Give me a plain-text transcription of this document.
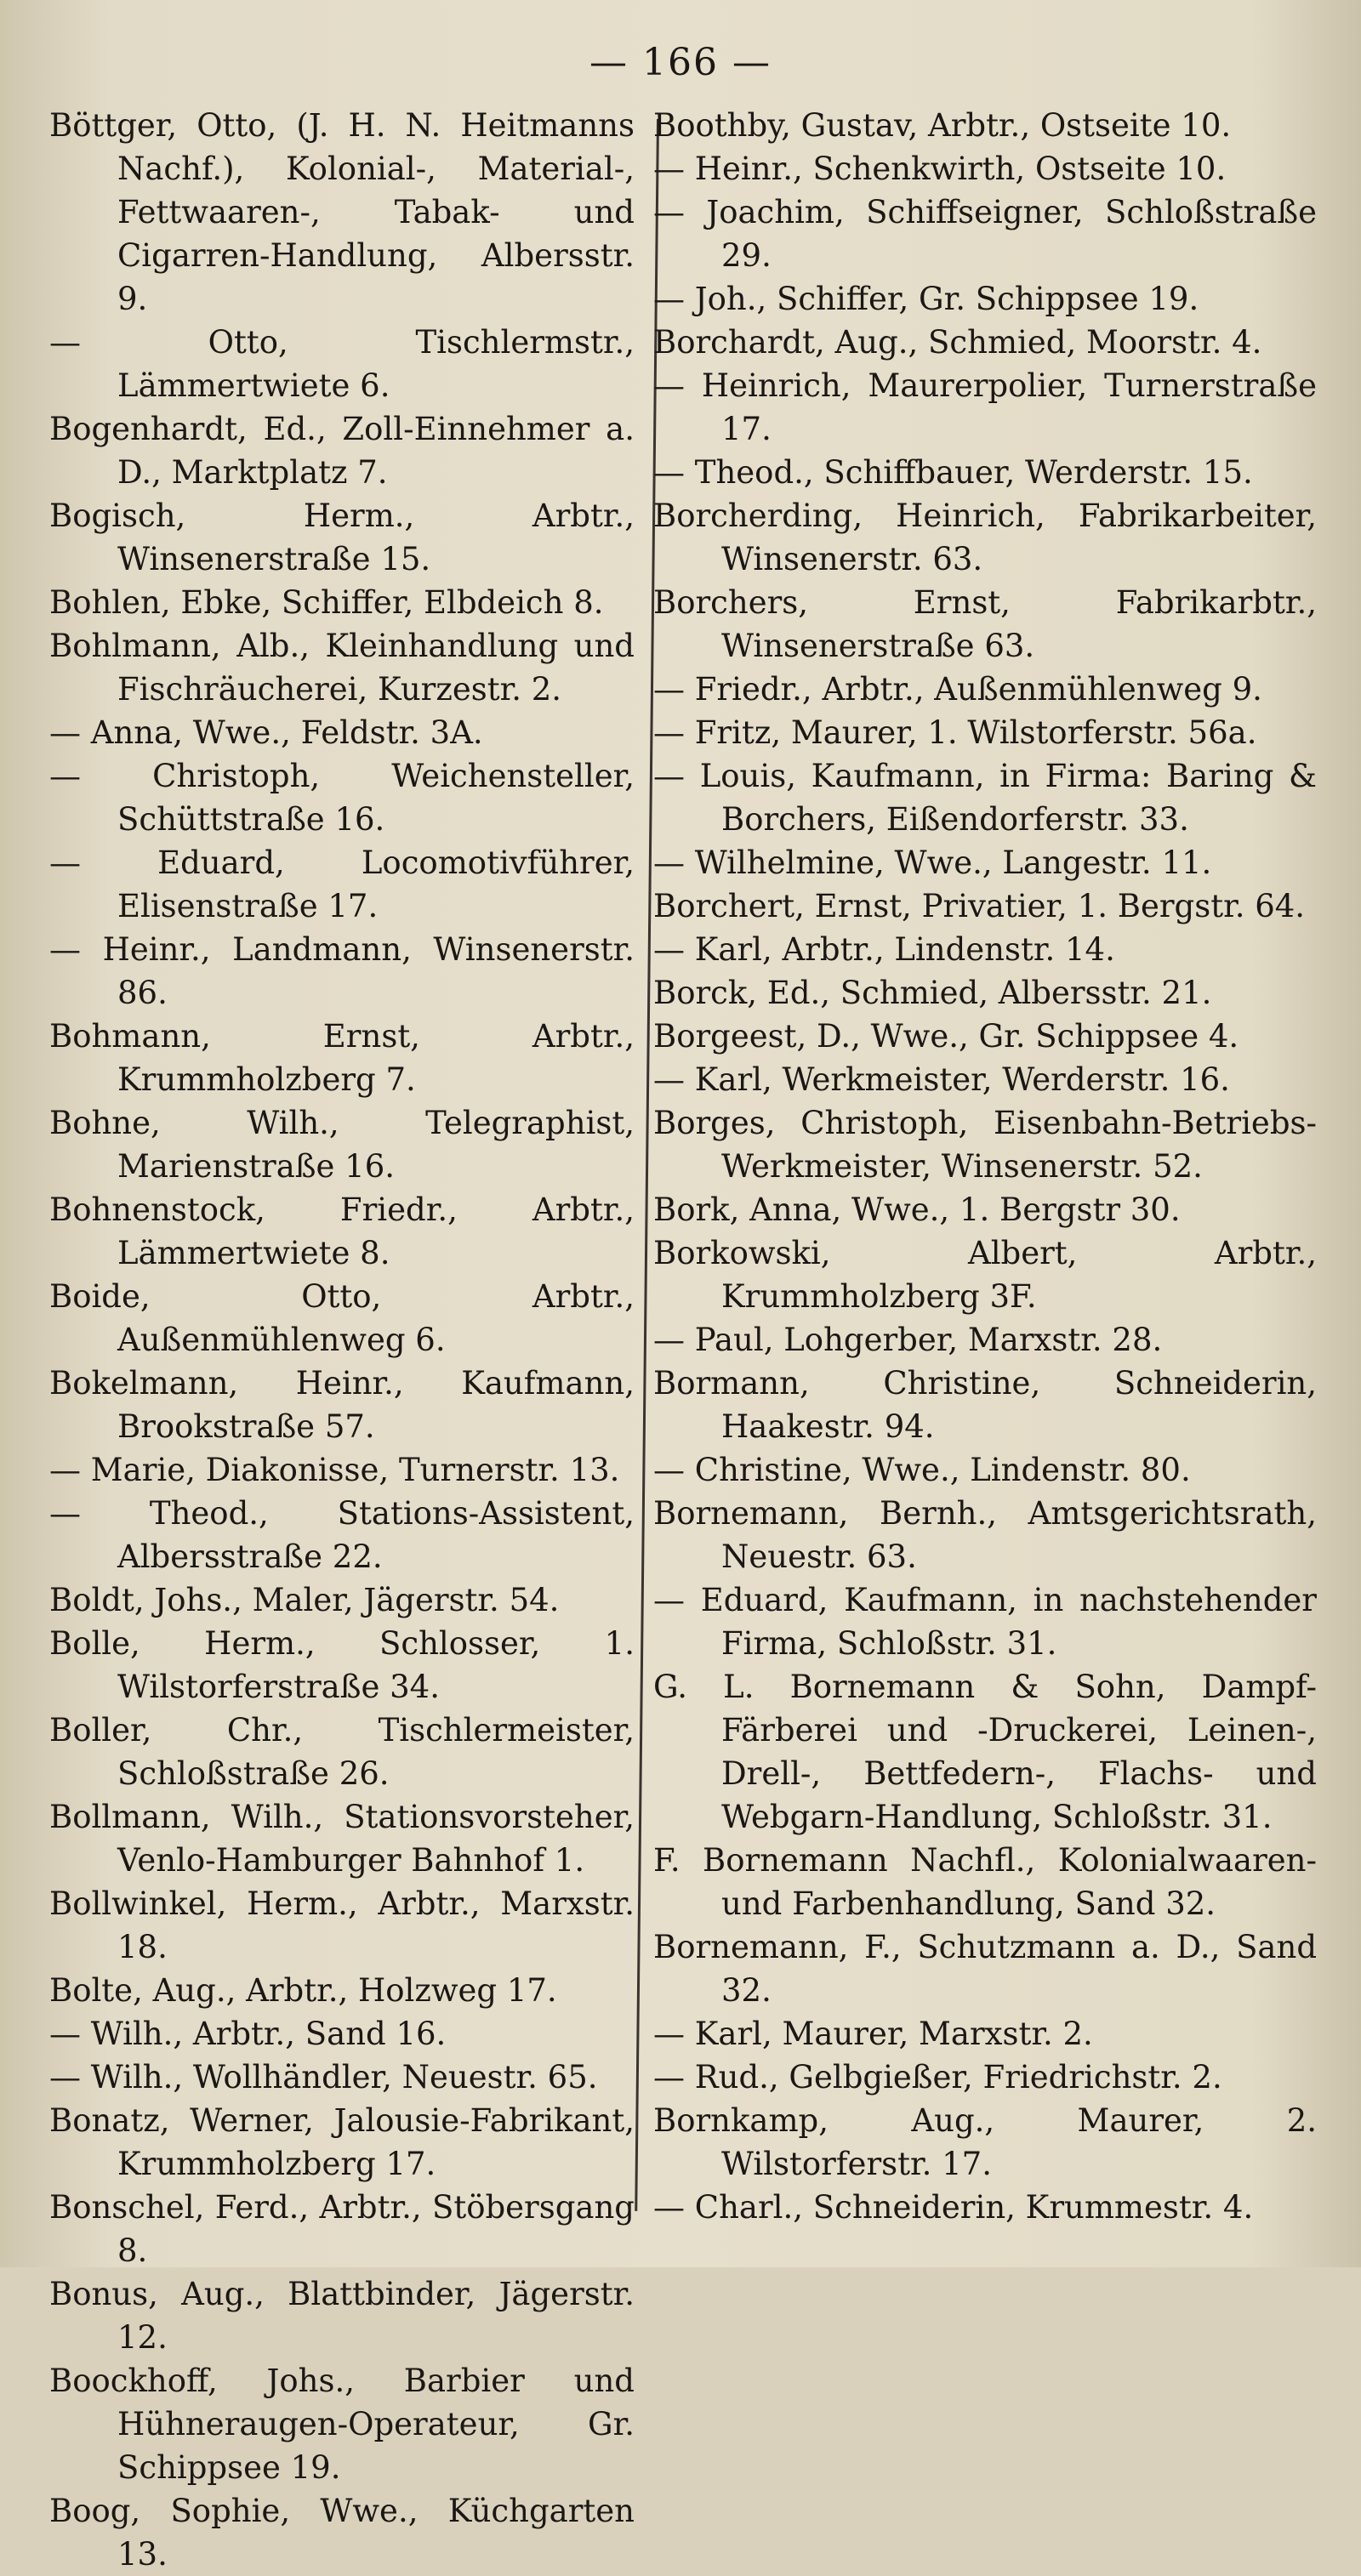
— 166 —

Böttger, Otto, (J. H. N. Heitmanns Nachf.), Kolonial-, Material-, Fettwaaren-, Tabak- und Cigarren-Handlung, Albersstr. 9.

— Otto, Tischlermstr., Lämmertwiete 6.

Bogenhardt, Ed., Zoll-Einnehmer a. D., Marktplatz 7.

Bogisch, Herm., Arbtr., Winsenerstraße 15.

Bohlen, Ebke, Schiffer, Elbdeich 8.

Bohlmann, Alb., Kleinhandlung und Fischräucherei, Kurzestr. 2.

— Anna, Wwe., Feldstr. 3A.

— Christoph, Weichensteller, Schüttstraße 16.

— Eduard, Locomotivführer, Elisenstraße 17.

— Heinr., Landmann, Winsenerstr. 86.

Bohmann, Ernst, Arbtr., Krummholzberg 7.

Bohne, Wilh., Telegraphist, Marienstraße 16.

Bohnenstock, Friedr., Arbtr., Lämmertwiete 8.

Boide, Otto, Arbtr., Außenmühlenweg 6.

Bokelmann, Heinr., Kaufmann, Brookstraße 57.

— Marie, Diakonisse, Turnerstr. 13.

— Theod., Stations-Assistent, Albersstraße 22.

Boldt, Johs., Maler, Jägerstr. 54.

Bolle, Herm., Schlosser, 1. Wilstorferstraße 34.

Boller, Chr., Tischlermeister, Schloßstraße 26.

Bollmann, Wilh., Stationsvorsteher, Venlo-Hamburger Bahnhof 1.

Bollwinkel, Herm., Arbtr., Marxstr. 18.

Bolte, Aug., Arbtr., Holzweg 17.

— Wilh., Arbtr., Sand 16.

— Wilh., Wollhändler, Neuestr. 65.

Bonatz, Werner, Jalousie-Fabrikant, Krummholzberg 17.

Bonschel, Ferd., Arbtr., Stöbersgang 8.

Bonus, Aug., Blattbinder, Jägerstr. 12.

Boockhoff, Johs., Barbier und Hühneraugen-Operateur, Gr. Schippsee 19.

Boog, Sophie, Wwe., Küchgarten 13.

Boothby, Gustav, Arbtr., Ostseite 10.

— Heinr., Schenkwirth, Ostseite 10.

— Joachim, Schiffseigner, Schloßstraße 29.

— Joh., Schiffer, Gr. Schippsee 19.

Borchardt, Aug., Schmied, Moorstr. 4.

— Heinrich, Maurerpolier, Turnerstraße 17.

— Theod., Schiffbauer, Werderstr. 15.

Borcherding, Heinrich, Fabrikarbeiter, Winsenerstr. 63.

Borchers, Ernst, Fabrikarbtr., Winsenerstraße 63.

— Friedr., Arbtr., Außenmühlenweg 9.

— Fritz, Maurer, 1. Wilstorferstr. 56a.

— Louis, Kaufmann, in Firma: Baring & Borchers, Eißendorferstr. 33.

— Wilhelmine, Wwe., Langestr. 11.

Borchert, Ernst, Privatier, 1. Bergstr. 64.

— Karl, Arbtr., Lindenstr. 14.

Borck, Ed., Schmied, Albersstr. 21.

Borgeest, D., Wwe., Gr. Schippsee 4.

— Karl, Werkmeister, Werderstr. 16.

Borges, Christoph, Eisenbahn-Betriebs-Werkmeister, Winsenerstr. 52.

Bork, Anna, Wwe., 1. Bergstr 30.

Borkowski, Albert, Arbtr., Krummholzberg 3F.

— Paul, Lohgerber, Marxstr. 28.

Bormann, Christine, Schneiderin, Haakestr. 94.

— Christine, Wwe., Lindenstr. 80.

Bornemann, Bernh., Amtsgerichtsrath, Neuestr. 63.

— Eduard, Kaufmann, in nachstehender Firma, Schloßstr. 31.

G. L. Bornemann & Sohn, Dampf-Färberei und -Druckerei, Leinen-, Drell-, Bettfedern-, Flachs- und Webgarn-Handlung, Schloßstr. 31.

F. Bornemann Nachfl., Kolonialwaaren- und Farbenhandlung, Sand 32.

Bornemann, F., Schutzmann a. D., Sand 32.

— Karl, Maurer, Marxstr. 2.

— Rud., Gelbgießer, Friedrichstr. 2.

Bornkamp, Aug., Maurer, 2. Wilstorferstr. 17.

— Charl., Schneiderin, Krummestr. 4.
